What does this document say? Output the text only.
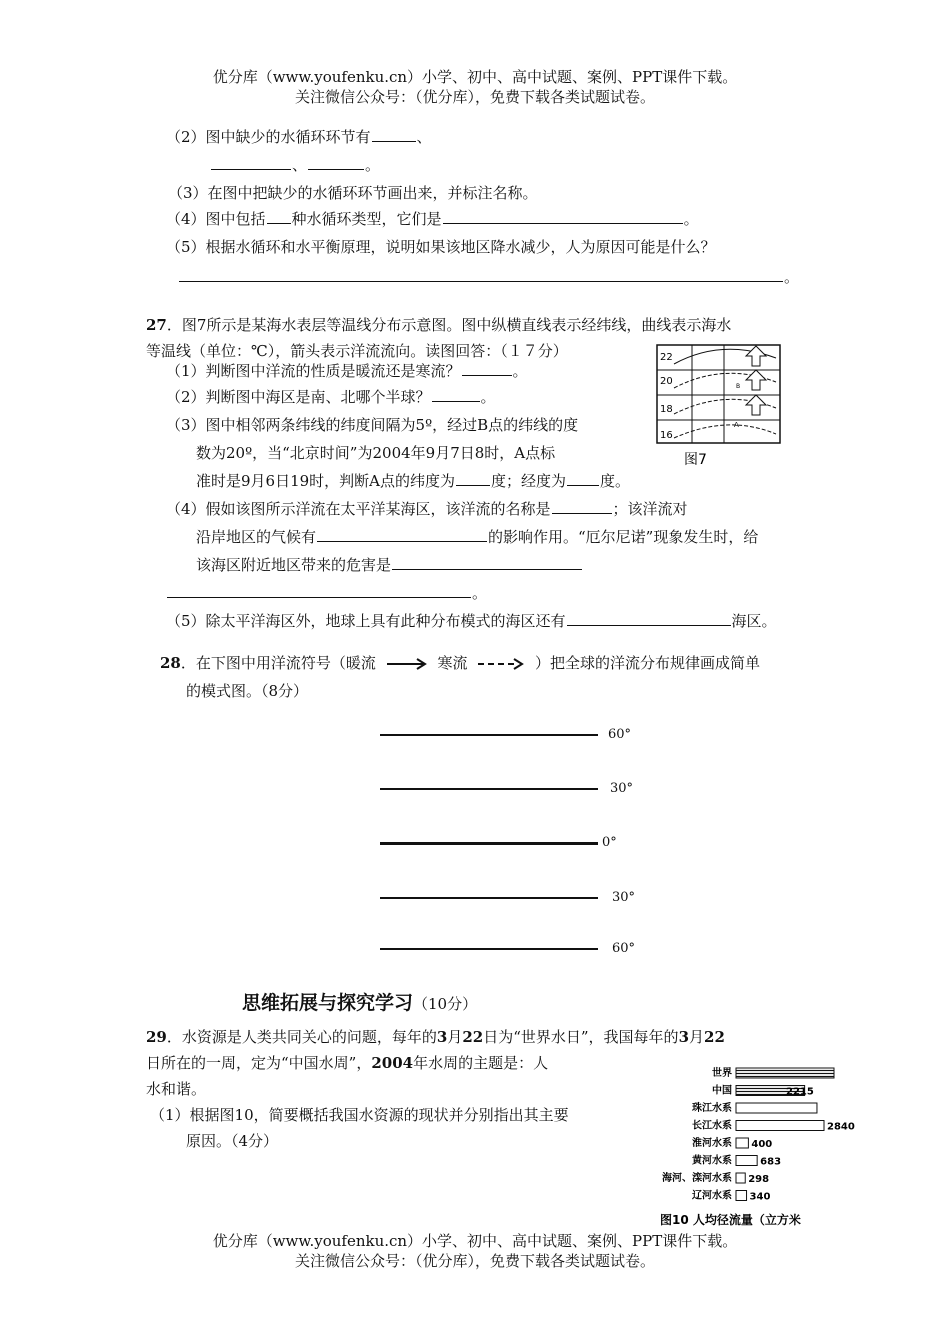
优分库（www.youfenku.cn）小学、初中、高中试题、案例、PPT课件下载。
关注微信公众号：（优分库），免费下载各类试题试卷。
（2）图中缺少的水循环环节有	、
、	。
（3）在图中把缺少的水循环环节画出来，并标注名称。
（4）图中包括 种水循环类型，它们是	。
（5）根据水循环和水平衡原理，说明如果该地区降水减少，人为原因可能是什么？
。
27．图7所示是某海水表层等温线分布示意图。图中纵横直线表示经纬线，曲线表示海水
等温线（单位：℃），箭头表示洋流流向。读图回答：（１７分）
（1）判断图中洋流的性质是暖流还是寒流？	。
（2）判断图中海区是南、北哪个半球？	。
（3）图中相邻两条纬线的纬度间隔为5º，经过B点的纬线的度
数为20º，当“北京时间”为2004年9月7日8时，A点标
准时是9月6日19时，判断A点的纬度为 度；经度为 度。
（4）假如该图所示洋流在太平洋某海区，该洋流的名称是	；该洋流对
沿岸地区的气候有	的影响作用。“厄尔尼诺”现象发生时，给
该海区附近地区带来的危害是
。
（5）除太平洋海区外，地球上具有此种分布模式的海区还有	海区。
22
20
18
16
B
A
图7
28．在下图中用洋流符号（暖流	寒流	）把全球的洋流分布规律画成简单
的模式图。（8分）
60°
30°
0°
30°
60°
思维拓展与探究学习（10分）
29．水资源是人类共同关心的问题，每年的3月22日为“世界水日”，我国每年的3月22
日所在的一周，定为“中国水周”，2004年水周的主题是：人
水和谐。
（1）根据图10，简要概括我国水资源的现状并分别指出其主要
原因。（4分）
世界
中国	2215
珠江水系
长江水系	2840
淮河水系 400
黄河水系	683
海河、滦河水系 298
辽河水系 340
图10 人均径流量（立方米
优分库（www.youfenku.cn）小学、初中、高中试题、案例、PPT课件下载。
关注微信公众号：（优分库），免费下载各类试题试卷。
